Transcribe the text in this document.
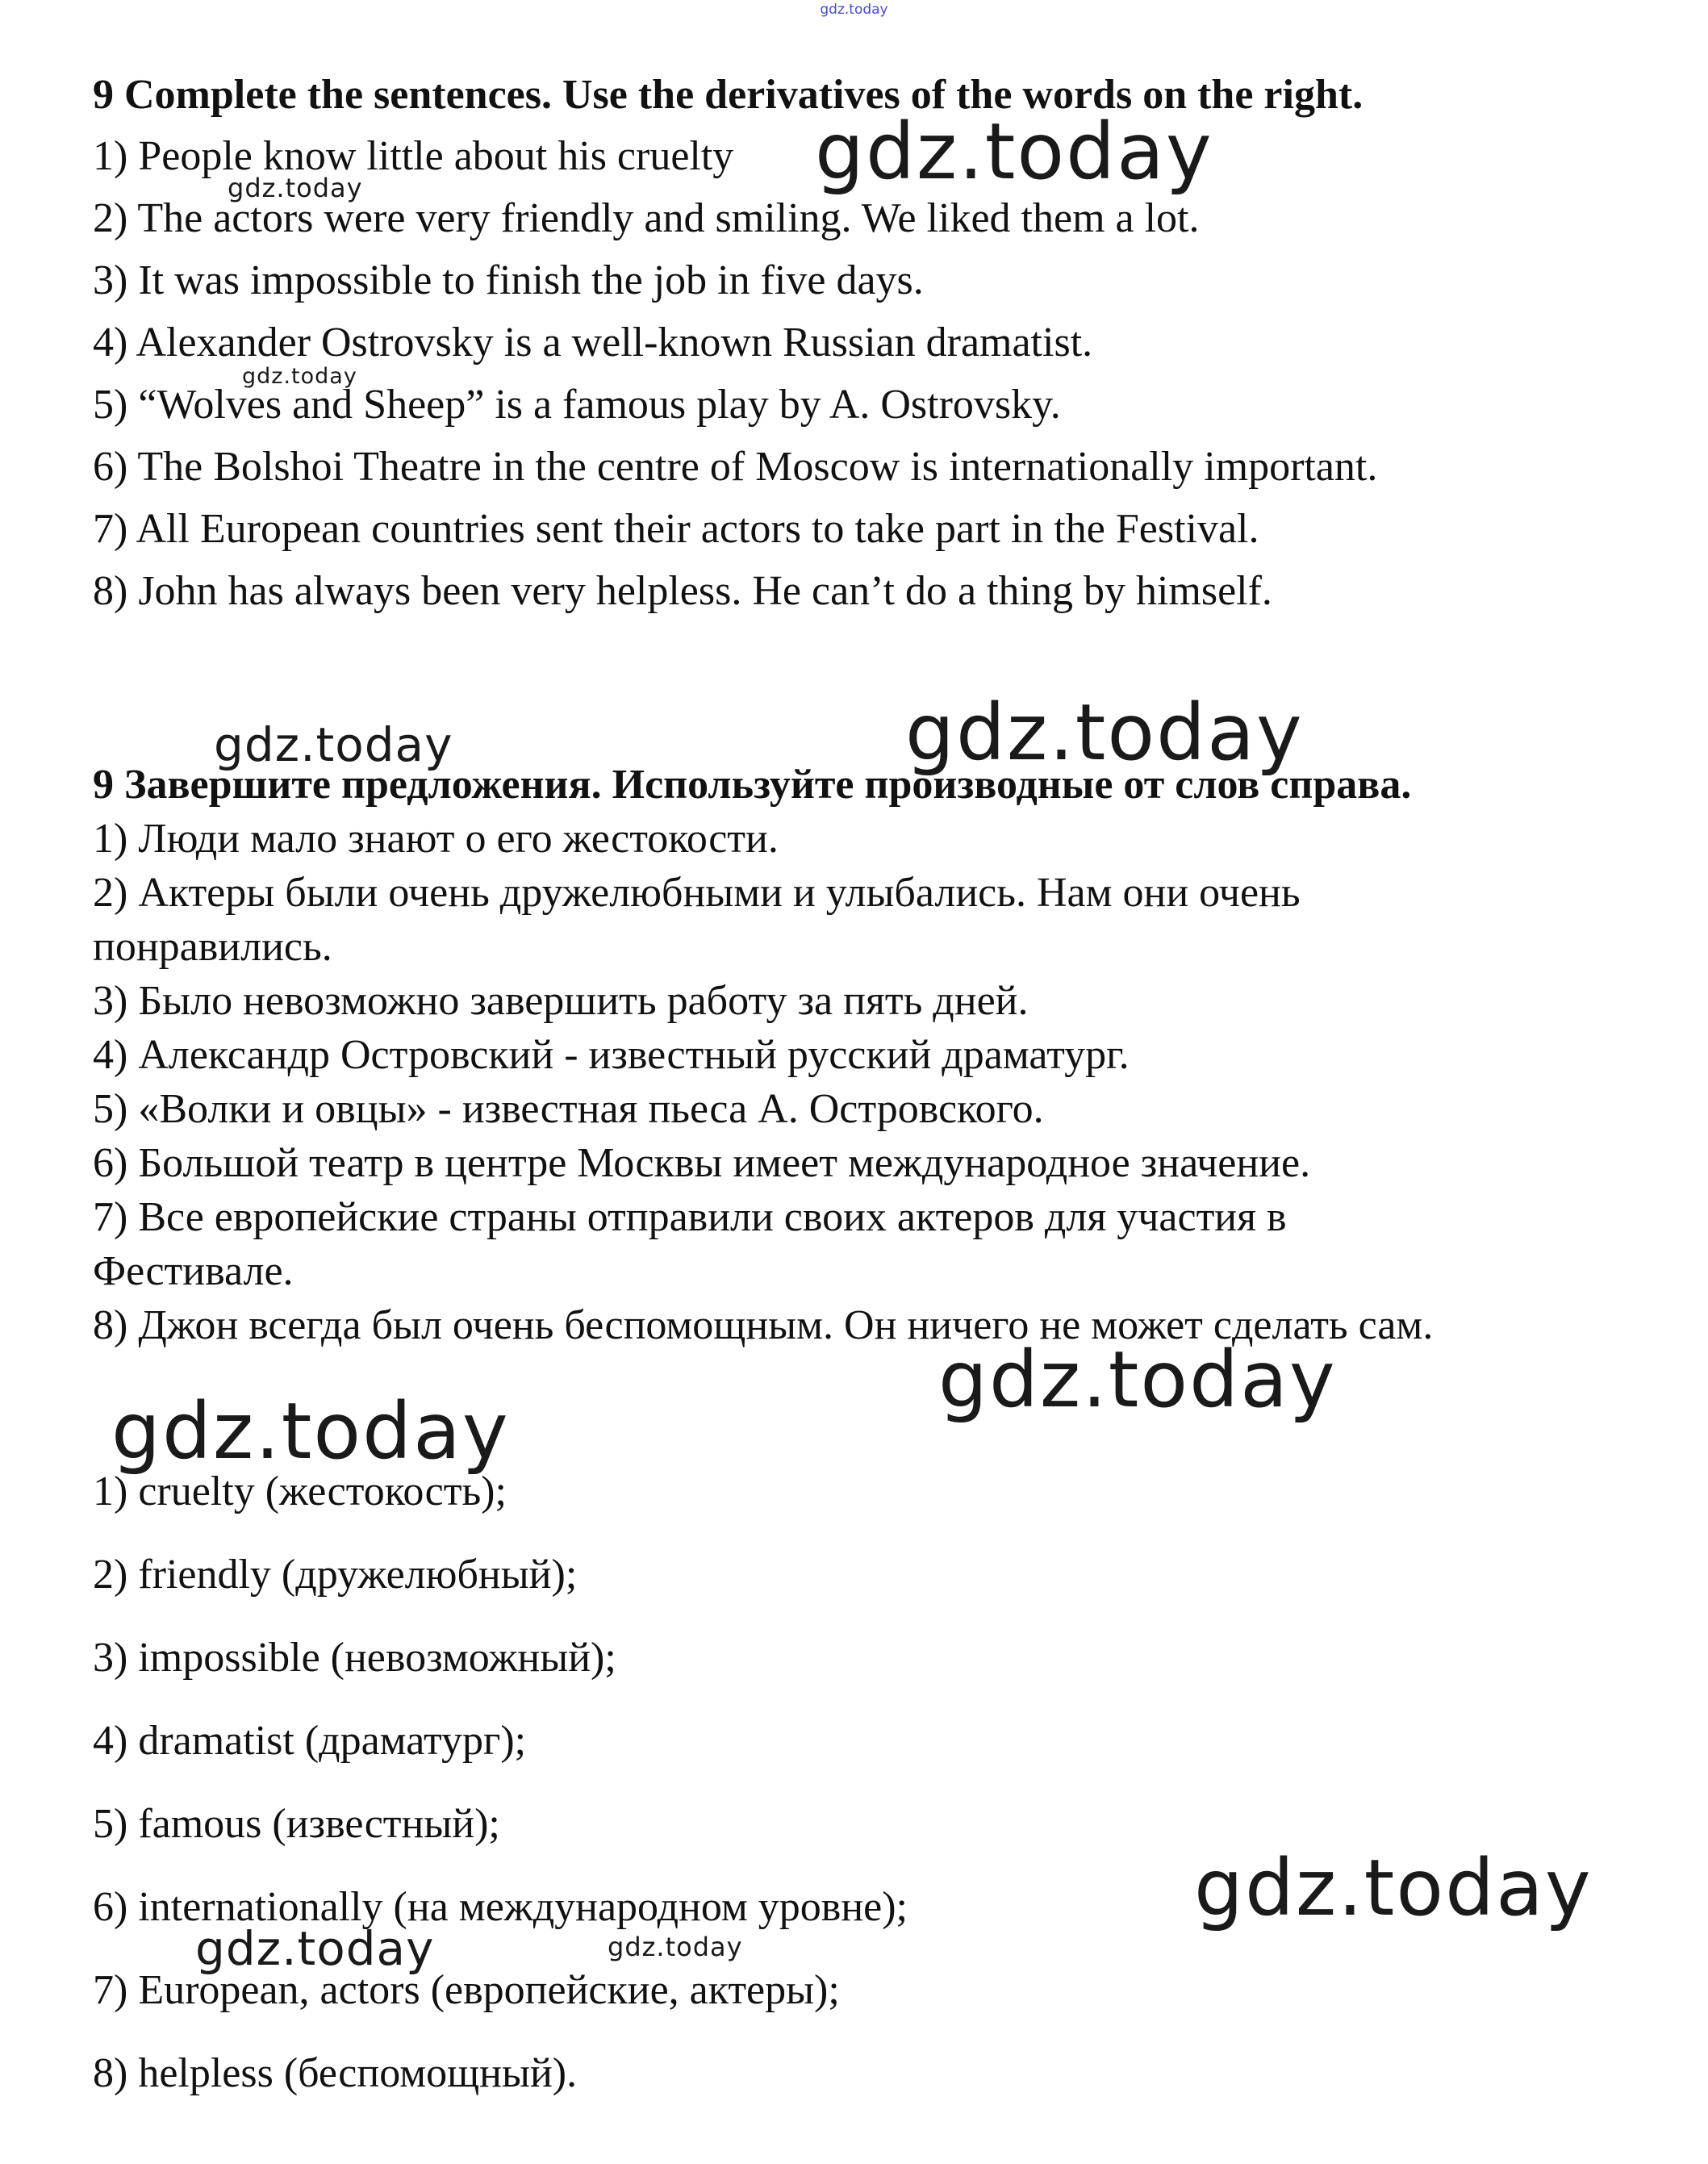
gdz.today
9 Complete the sentences. Use the derivatives of the words on the right.
1) People know little about his cruelty
2) The actors were very friendly and smiling. We liked them a lot.
3) It was impossible to finish the job in five days.
4) Alexander Ostrovsky is a well-known Russian dramatist.
5) “Wolves and Sheep” is a famous play by A. Ostrovsky.
6) The Bolshoi Theatre in the centre of Moscow is internationally important.
7) All European countries sent their actors to take part in the Festival.
8) John has always been very helpless. He can’t do a thing by himself.
9 Завершите предложения. Используйте производные от слов справа.
1) Люди мало знают о его жестокости.
2) Актеры были очень дружелюбными и улыбались. Нам они очень
понравились.
3) Было невозможно завершить работу за пять дней.
4) Александр Островский - известный русский драматург.
5) «Волки и овцы» - известная пьеса А. Островского.
6) Большой театр в центре Москвы имеет международное значение.
7) Все европейские страны отправили своих актеров для участия в
Фестивале.
8) Джон всегда был очень беспомощным. Он ничего не может сделать сам.
1) cruelty (жестокость);
2) friendly (дружелюбный);
3) impossible (невозможный);
4) dramatist (драматург);
5) famous (известный);
6) internationally (на международном уровне);
7) European, actors (европейские, актеры);
8) helpless (беспомощный).
gdz.today
gdz.today
gdz.today
gdz.today	gdz.today
gdz.today
gdz.today
gdz.today
gdz.today	gdz.today
